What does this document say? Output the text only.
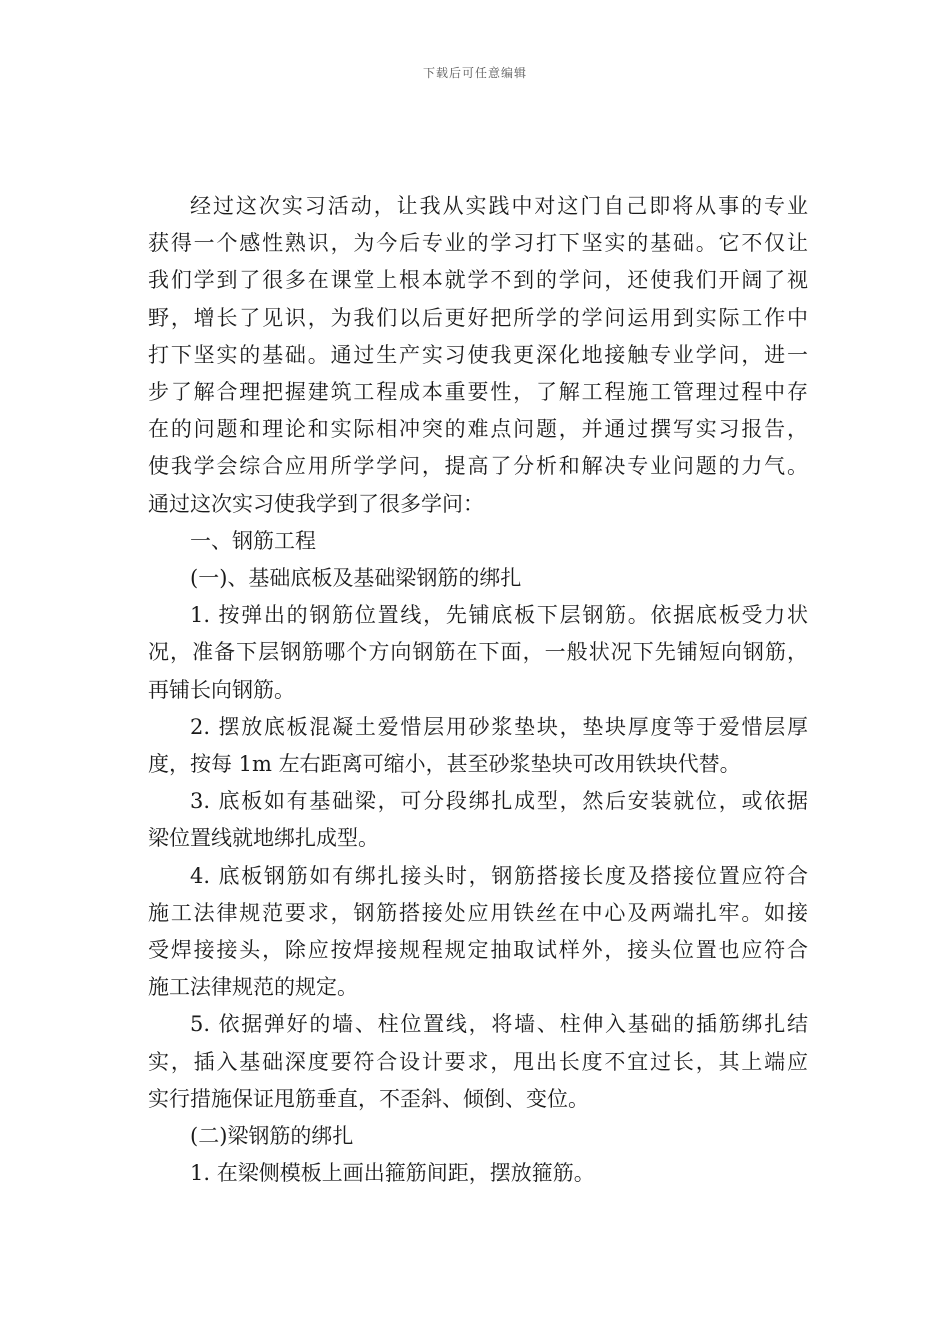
下载后可任意编辑

经过这次实习活动，让我从实践中对这门自己即将从事的专业
获得一个感性熟识，为今后专业的学习打下坚实的基础。它不仅让
我们学到了很多在课堂上根本就学不到的学问，还使我们开阔了视
野，增长了见识，为我们以后更好把所学的学问运用到实际工作中
打下坚实的基础。通过生产实习使我更深化地接触专业学问，进一
步了解合理把握建筑工程成本重要性，了解工程施工管理过程中存
在的问题和理论和实际相冲突的难点问题，并通过撰写实习报告，
使我学会综合应用所学学问，提高了分析和解决专业问题的力气。
通过这次实习使我学到了很多学问：

一、钢筋工程

(一)、基础底板及基础梁钢筋的绑扎

1. 按弹出的钢筋位置线，先铺底板下层钢筋。依据底板受力状
况，准备下层钢筋哪个方向钢筋在下面，一般状况下先铺短向钢筋，
再铺长向钢筋。

2. 摆放底板混凝土爱惜层用砂浆垫块，垫块厚度等于爱惜层厚
度，按每 1m 左右距离可缩小，甚至砂浆垫块可改用铁块代替。

3. 底板如有基础梁，可分段绑扎成型，然后安装就位，或依据
梁位置线就地绑扎成型。

4. 底板钢筋如有绑扎接头时，钢筋搭接长度及搭接位置应符合
施工法律规范要求，钢筋搭接处应用铁丝在中心及两端扎牢。如接
受焊接接头，除应按焊接规程规定抽取试样外，接头位置也应符合
施工法律规范的规定。

5. 依据弹好的墙、柱位置线，将墙、柱伸入基础的插筋绑扎结
实，插入基础深度要符合设计要求，甩出长度不宜过长，其上端应
实行措施保证甩筋垂直，不歪斜、倾倒、变位。

(二)梁钢筋的绑扎

1. 在梁侧模板上画出箍筋间距，摆放箍筋。
